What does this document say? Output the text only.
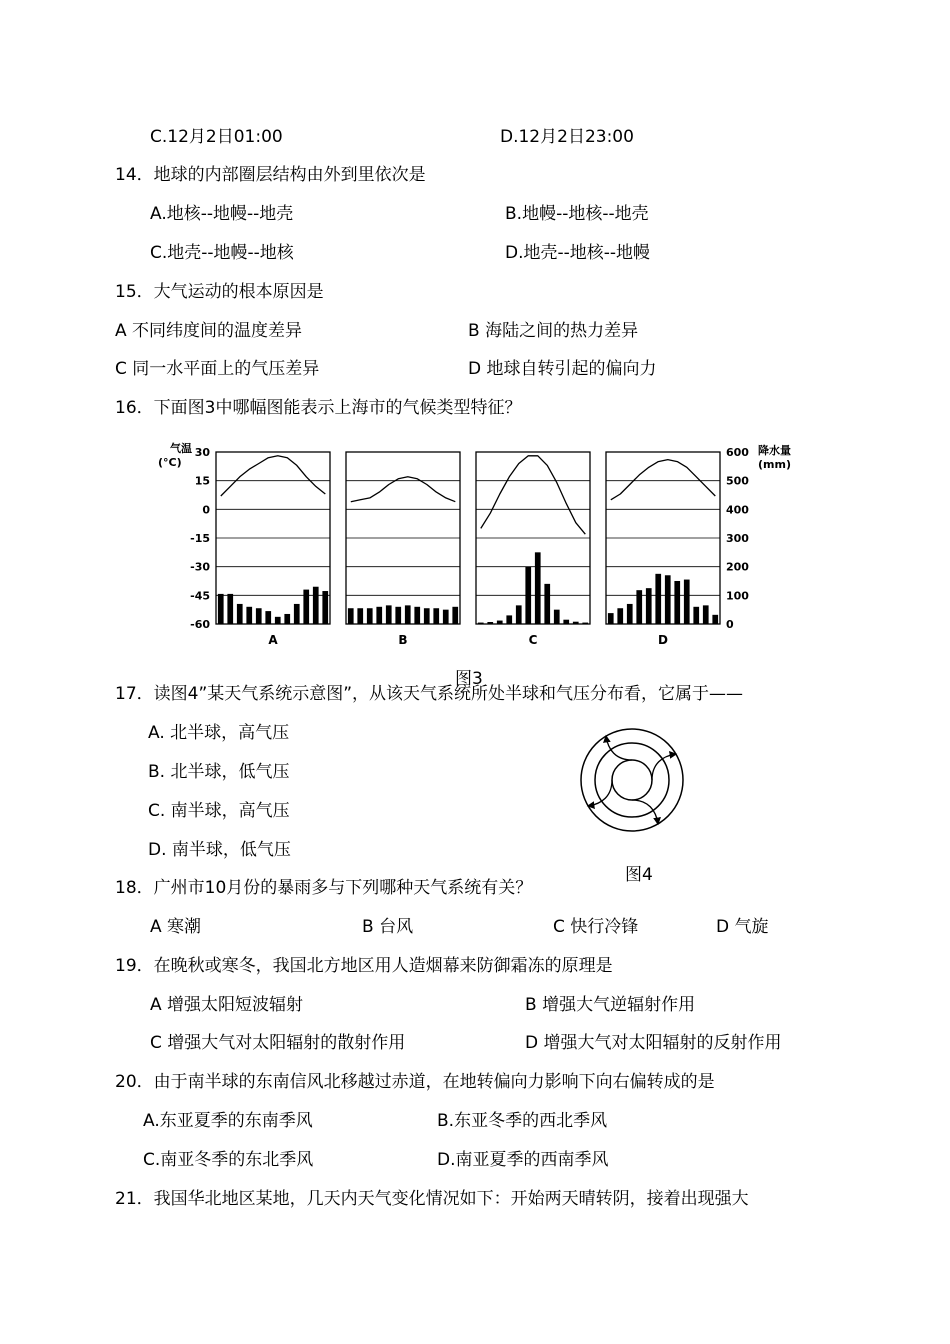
C.12月2日01:00	D.12月2日23:00
14．地球的内部圈层结构由外到里依次是
A.地核--地幔--地壳	B.地幔--地核--地壳
C.地壳--地幔--地核	D.地壳--地核--地幔
15．大气运动的根本原因是
A 不同纬度间的温度差异	B 海陆之间的热力差异
C 同一水平面上的气压差异	D 地球自转引起的偏向力
16．下面图3中哪幅图能表示上海市的气候类型特征？
气温
(°C)
降水量
(mm)
30
15
0
-15
-30
-45
-60
600
500
400
300
200
100
0
A	B	C	D
图3
17．读图4”某天气系统示意图”，从该天气系统所处半球和气压分布看，它属于——
A. 北半球，高气压
B. 北半球，低气压
C. 南半球，高气压
D. 南半球，低气压
图4
18．广州市10月份的暴雨多与下列哪种天气系统有关？
A 寒潮	B 台风	C 快行冷锋	D 气旋
19．在晚秋或寒冬，我国北方地区用人造烟幕来防御霜冻的原理是
A 增强太阳短波辐射	B 增强大气逆辐射作用
C 增强大气对太阳辐射的散射作用	D 增强大气对太阳辐射的反射作用
20．由于南半球的东南信风北移越过赤道，在地转偏向力影响下向右偏转成的是
A.东亚夏季的东南季风	B.东亚冬季的西北季风
C.南亚冬季的东北季风	D.南亚夏季的西南季风
21．我国华北地区某地，几天内天气变化情况如下：开始两天晴转阴，接着出现强大
